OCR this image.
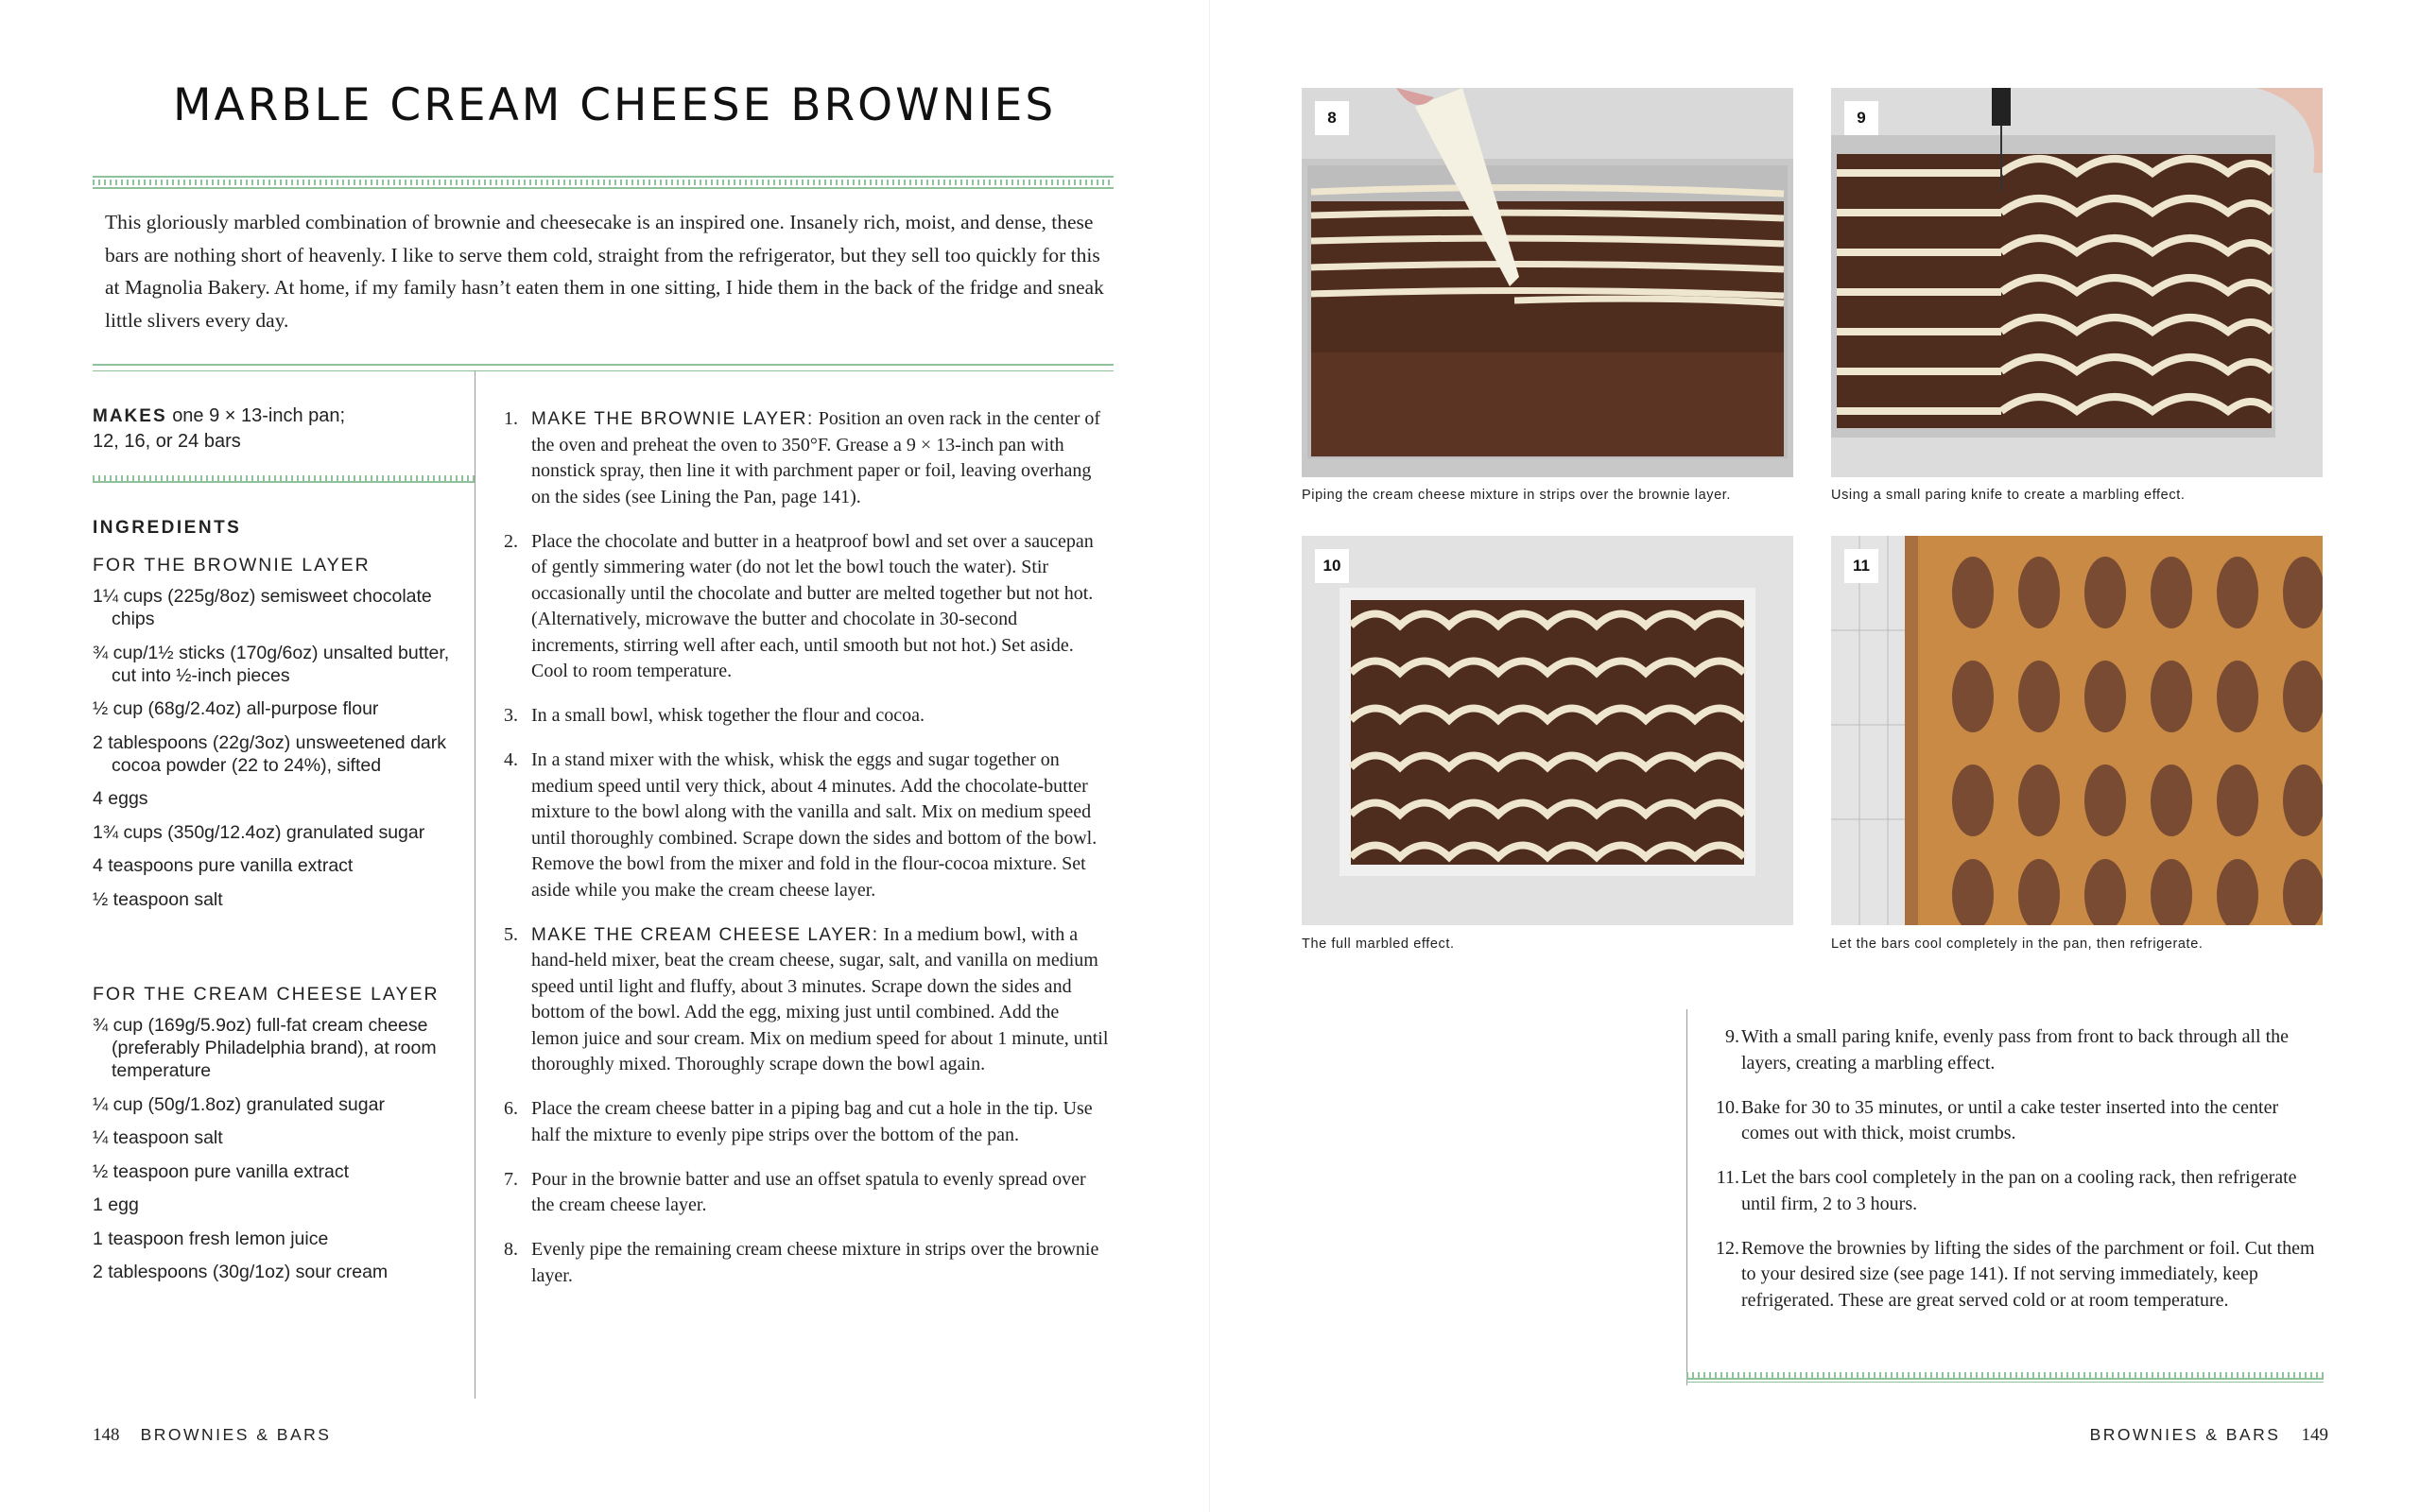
MARBLE CREAM CHEESE BROWNIES

This gloriously marbled combination of brownie and cheesecake is an inspired one. Insanely rich, moist, and dense, these bars are nothing short of heavenly. I like to serve them cold, straight from the refrigerator, but they sell too quickly for this at Magnolia Bakery. At home, if my family hasn’t eaten them in one sitting, I hide them in the back of the fridge and sneak little slivers every day.

MAKES one 9 × 13-inch pan;
12, 16, or 24 bars
INGREDIENTS
FOR THE BROWNIE LAYER
1¼ cups (225g/8oz) semisweet chocolate chips
¾ cup/1½ sticks (170g/6oz) unsalted butter, cut into ½-inch pieces
½ cup (68g/2.4oz) all-purpose flour
2 tablespoons (22g/3oz) unsweetened dark cocoa powder (22 to 24%), sifted
4 eggs
1¾ cups (350g/12.4oz) granulated sugar
4 teaspoons pure vanilla extract
½ teaspoon salt
FOR THE CREAM CHEESE LAYER
¾ cup (169g/5.9oz) full-fat cream cheese (preferably Philadelphia brand), at room temperature
¼ cup (50g/1.8oz) granulated sugar
¼ teaspoon salt
½ teaspoon pure vanilla extract
1 egg
1 teaspoon fresh lemon juice
2 tablespoons (30g/1oz) sour cream
1. MAKE THE BROWNIE LAYER: Position an oven rack in the center of the oven and preheat the oven to 350°F. Grease a 9 × 13-inch pan with nonstick spray, then line it with parchment paper or foil, leaving overhang on the sides (see Lining the Pan, page 141).
2. Place the chocolate and butter in a heatproof bowl and set over a saucepan of gently simmering water (do not let the bowl touch the water). Stir occasionally until the chocolate and butter are melted together but not hot. (Alternatively, microwave the butter and chocolate in 30-second increments, stirring well after each, until smooth but not hot.) Set aside. Cool to room temperature.
3. In a small bowl, whisk together the flour and cocoa.
4. In a stand mixer with the whisk, whisk the eggs and sugar together on medium speed until very thick, about 4 minutes. Add the chocolate-butter mixture to the bowl along with the vanilla and salt. Mix on medium speed until thoroughly combined. Scrape down the sides and bottom of the bowl. Remove the bowl from the mixer and fold in the flour-cocoa mixture. Set aside while you make the cream cheese layer.
5. MAKE THE CREAM CHEESE LAYER: In a medium bowl, with a hand-held mixer, beat the cream cheese, sugar, salt, and vanilla on medium speed until light and fluffy, about 3 minutes. Scrape down the sides and bottom of the bowl. Add the egg, mixing just until combined. Add the lemon juice and sour cream. Mix on medium speed for about 1 minute, until thoroughly mixed. Thoroughly scrape down the bowl again.
6. Place the cream cheese batter in a piping bag and cut a hole in the tip. Use half the mixture to evenly pipe strips over the bottom of the pan.
7. Pour in the brownie batter and use an offset spatula to evenly spread over the cream cheese layer.
8. Evenly pipe the remaining cream cheese mixture in strips over the brownie layer.
148 BROWNIES & BARS
8
Piping the cream cheese mixture in strips over the brownie layer.
9
Using a small paring knife to create a marbling effect.
10
The full marbled effect.
11
Let the bars cool completely in the pan, then refrigerate.
BROWNIES & BARS 149
9. With a small paring knife, evenly pass from front to back through all the layers, creating a marbling effect.
10. Bake for 30 to 35 minutes, or until a cake tester inserted into the center comes out with thick, moist crumbs.
11. Let the bars cool completely in the pan on a cooling rack, then refrigerate until firm, 2 to 3 hours.
12. Remove the brownies by lifting the sides of the parchment or foil. Cut them to your desired size (see page 141). If not serving immediately, keep refrigerated. These are great served cold or at room temperature.
